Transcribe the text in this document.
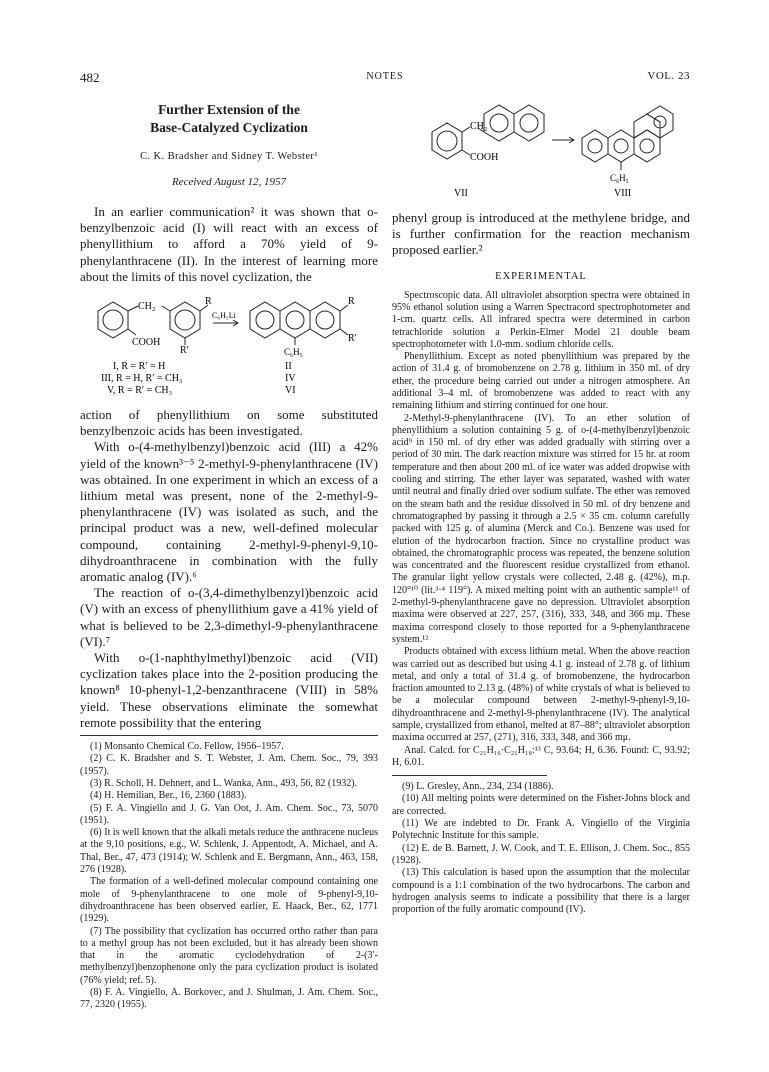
482	NOTES	VOL. 23

Further Extension of the

Base-Catalyzed Cyclization

C. K. Bradsher and Sidney T. Webster¹

Received August 12, 1957

In an earlier communication² it was shown that o-benzylbenzoic acid (I) will react with an excess of phenyllithium to afford a 70% yield of 9-phenylanthracene (II). In the interest of learning more about the limits of this novel cyclization, the

CH₂	R
COOH
R′
C₆H₅Li
R
R′
C₆H₅
I, R = R′ = H	II
III, R = H, R′ = CH₃	IV
V, R = R′ = CH₃	VI

action of phenyllithium on some substituted benzylbenzoic acids has been investigated.

With o-(4-methylbenzyl)benzoic acid (III) a 42% yield of the known³⁻⁵ 2-methyl-9-phenylanthracene (IV) was obtained. In one experiment in which an excess of a lithium metal was present, none of the 2-methyl-9-phenylanthracene (IV) was isolated as such, and the principal product was a new, well-defined molecular compound, containing 2-methyl-9-phenyl-9,10-dihydroanthracene in combination with the fully aromatic analog (IV).⁶

The reaction of o-(3,4-dimethylbenzyl)benzoic acid (V) with an excess of phenyllithium gave a 41% yield of what is believed to be 2,3-dimethyl-9-phenylanthracene (VI).⁷

With o-(1-naphthylmethyl)benzoic acid (VII) cyclization takes place into the 2-position producing the known⁸ 10-phenyl-1,2-benzanthracene (VIII) in 58% yield. These observations eliminate the somewhat remote possibility that the entering

(1) Monsanto Chemical Co. Fellow, 1956–1957.

(2) C. K. Bradsher and S. T. Webster, J. Am. Chem. Soc., 79, 393 (1957).

(3) R. Scholl, H. Dehnert, and L. Wanka, Ann., 493, 56, 82 (1932).

(4) H. Hemilian, Ber., 16, 2360 (1883).

(5) F. A. Vingiello and J. G. Van Oot, J. Am. Chem. Soc., 73, 5070 (1951).

(6) It is well known that the alkali metals reduce the anthracene nucleus at the 9,10 positions, e.g., W. Schlenk, J. Appentodt, A. Michael, and A. Thal, Ber., 47, 473 (1914); W. Schlenk and E. Bergmann, Ann., 463, 158, 276 (1928).

The formation of a well-defined molecular compound containing one mole of 9-phenylanthracene to one mole of 9-phenyl-9,10-dihydroanthracene has been observed earlier, E. Haack, Ber., 62, 1771 (1929).

(7) The possibility that cyclization has occurred ortho rather than para to a methyl group has not been excluded, but it has already been shown that in the aromatic cyclodehydration of 2-(3′-methylbenzyl)benzophenone only the para cyclization product is isolated (76% yield; ref. 5).

(8) F. A. Vingiello, A. Borkovec, and J. Shulman, J. Am. Chem. Soc., 77, 2320 (1955).

CH₂
COOH
C₆H₅
VII	VIII

phenyl group is introduced at the methylene bridge, and is further confirmation for the reaction mechanism proposed earlier.²

EXPERIMENTAL

Spectroscopic data. All ultraviolet absorption spectra were obtained in 95% ethanol solution using a Warren Spectracord spectrophotometer and 1-cm. quartz cells. All infrared spectra were determined in carbon tetrachloride solution a Perkin-Elmer Model 21 double beam spectrophotometer with 1.0-mm. sodium chloride cells.

Phenyllithium. Except as noted phenyllithium was prepared by the action of 31.4 g. of bromobenzene on 2.78 g. lithium in 350 ml. of dry ether, the procedure being carried out under a nitrogen atmosphere. An additional 3–4 ml. of bromobenzene was added to react with any remaining lithium and stirring continued for one hour.

2-Methyl-9-phenylanthracene (IV). To an ether solution of phenyllithium a solution containing 5 g. of o-(4-methylbenzyl)benzoic acid⁹ in 150 ml. of dry ether was added gradually with stirring over a period of 30 min. The dark reaction mixture was stirred for 15 hr. at room temperature and then about 200 ml. of ice water was added dropwise with cooling and stirring. The ether layer was separated, washed with water until neutral and finally dried over sodium sulfate. The ether was removed on the steam bath and the residue dissolved in 50 ml. of dry benzene and chromatographed by passing it through a 2.5 × 35 cm. column carefully packed with 125 g. of alumina (Merck and Co.). Benzene was used for elution of the hydrocarbon fraction. Since no crystalline product was obtained, the chromatographic process was repeated, the benzene solution was concentrated and the fluorescent residue crystallized from ethanol. The granular light yellow crystals were collected, 2.48 g. (42%), m.p. 120°¹⁰ (lit.³·⁴ 119°). A mixed melting point with an authentic sample¹¹ of 2-methyl-9-phenylanthracene gave no depression. Ultraviolet absorption maxima were observed at 227, 257, (316), 333, 348, and 366 mμ. These maxima correspond closely to those reported for a 9-phenylanthracene system.¹²

Products obtained with excess lithium metal. When the above reaction was carried out as described but using 4.1 g. instead of 2.78 g. of lithium metal, and only a total of 31.4 g. of bromobenzene, the hydrocarbon fraction amounted to 2.13 g. (48%) of white crystals of what is believed to be a molecular compound between 2-methyl-9-phenyl-9,10-dihydroanthracene and 2-methyl-9-phenylanthracene (IV). The analytical sample, crystallized from ethanol, melted at 87–88°; ultraviolet absorption maxima occurred at 257, (271), 316, 333, 348, and 366 mμ.

Anal. Calcd. for C₂₁H₁₆·C₂₁H₁₈:¹³ C, 93.64; H, 6.36. Found: C, 93.92; H, 6.01.

(9) L. Gresley, Ann., 234, 234 (1886).

(10) All melting points were determined on the Fisher-Johns block and are corrected.

(11) We are indebted to Dr. Frank A. Vingiello of the Virginia Polytechnic Institute for this sample.

(12) E. de B. Barnett, J. W. Cook, and T. E. Ellison, J. Chem. Soc., 855 (1928).

(13) This calculation is based upon the assumption that the molecular compound is a 1:1 combination of the two hydrocarbons. The carbon and hydrogen analysis seems to indicate a possibility that there is a larger proportion of the fully aromatic compound (IV).
